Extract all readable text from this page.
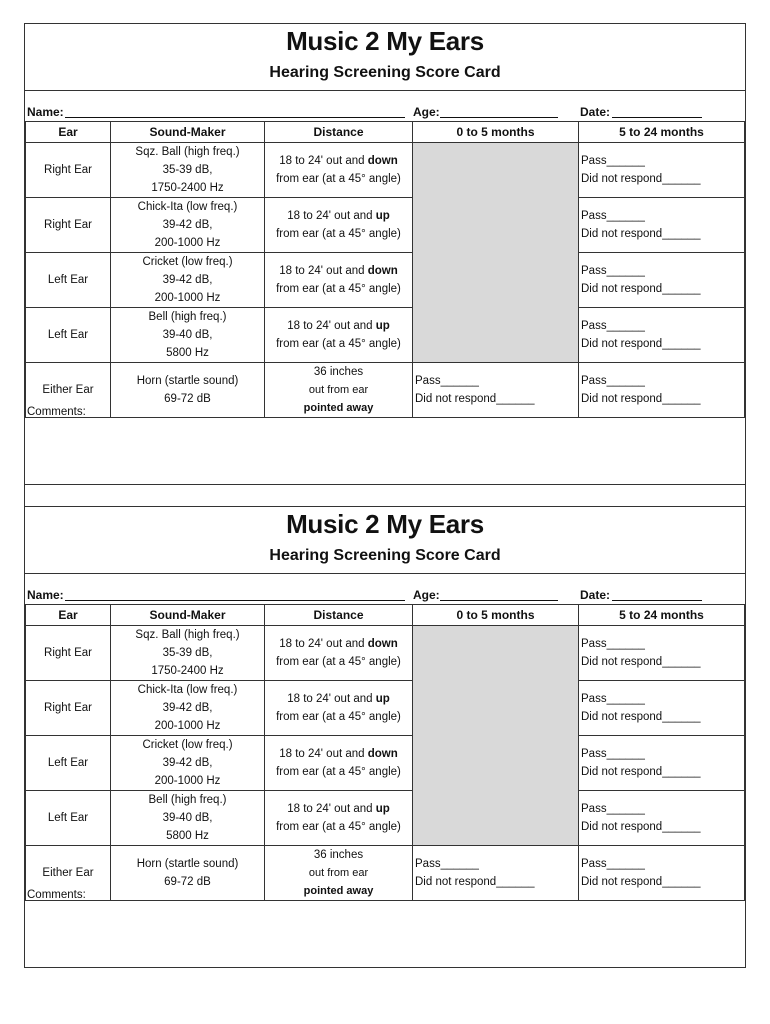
Music 2 My Ears
Hearing Screening Score Card
Name:	Age:	Date:
Ear	Sound-Maker	Distance	0 to 5 months	5 to 24 months
Right Ear	Sqz. Ball (high freq.)
35-39 dB,
1750-2400 Hz	18 to 24' out and down
from ear (at a 45° angle)		Pass______
Did not respond______

Right Ear	Chick-Ita (low freq.)
39-42 dB,
200-1000 Hz	18 to 24' out and up
from ear (at a 45° angle)		Pass______
Did not respond______

Left Ear	Cricket (low freq.)
39-42 dB,
200-1000 Hz	18 to 24' out and down
from ear (at a 45° angle)		Pass______
Did not respond______

Left Ear	Bell (high freq.)
39-40 dB,
5800 Hz	18 to 24' out and up
from ear (at a 45° angle)		Pass______
Did not respond______

Either Ear	Horn (startle sound)
69-72 dB	36 inches
out from ear
pointed away	Pass______
Did not respond______	Pass______
Did not respond______
Comments:
Music 2 My Ears
Hearing Screening Score Card
Name:	Age:	Date:
Ear	Sound-Maker	Distance	0 to 5 months	5 to 24 months
Right Ear	Sqz. Ball (high freq.)
35-39 dB,
1750-2400 Hz	18 to 24' out and down
from ear (at a 45° angle)		Pass______
Did not respond______

Right Ear	Chick-Ita (low freq.)
39-42 dB,
200-1000 Hz	18 to 24' out and up
from ear (at a 45° angle)		Pass______
Did not respond______

Left Ear	Cricket (low freq.)
39-42 dB,
200-1000 Hz	18 to 24' out and down
from ear (at a 45° angle)		Pass______
Did not respond______

Left Ear	Bell (high freq.)
39-40 dB,
5800 Hz	18 to 24' out and up
from ear (at a 45° angle)		Pass______
Did not respond______

Either Ear	Horn (startle sound)
69-72 dB	36 inches
out from ear
pointed away	Pass______
Did not respond______	Pass______
Did not respond______
Comments:
